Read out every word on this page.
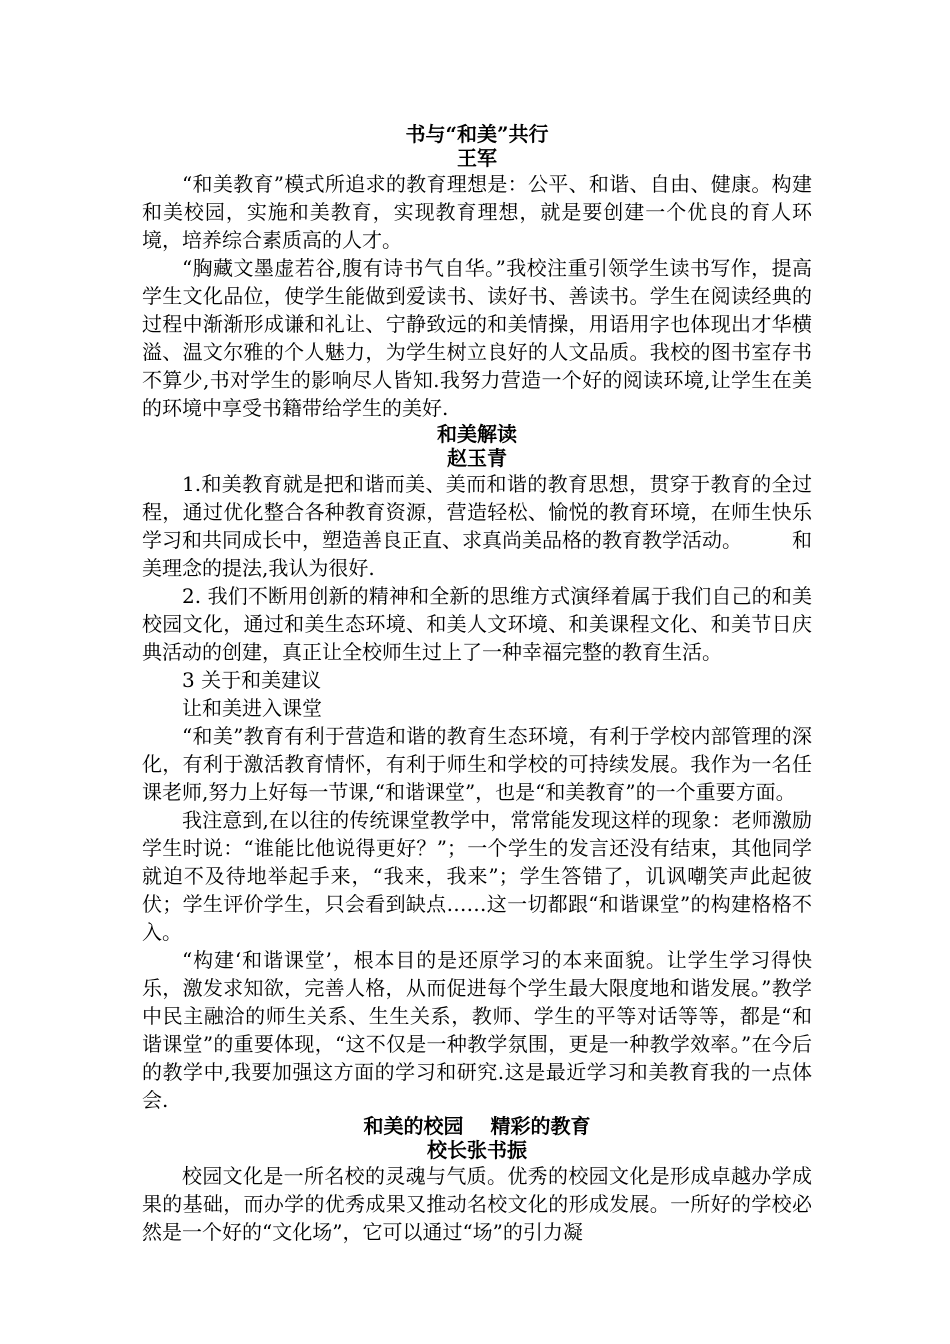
书与“和美”共行
王军

“和美教育”模式所追求的教育理想是：公平、和谐、自由、健康。构建和美校园，实施和美教育，实现教育理想，就是要创建一个优良的育人环境，培养综合素质高的人才。

“胸藏文墨虚若谷,腹有诗书气自华。”我校注重引领学生读书写作，提高学生文化品位，使学生能做到爱读书、读好书、善读书。学生在阅读经典的过程中渐渐形成谦和礼让、宁静致远的和美情操，用语用字也体现出才华横溢、温文尔雅的个人魅力，为学生树立良好的人文品质。我校的图书室存书不算少,书对学生的影响尽人皆知.我努力营造一个好的阅读环境,让学生在美的环境中享受书籍带给学生的美好.

和美解读
赵玉青

1.和美教育就是把和谐而美、美而和谐的教育思想，贯穿于教育的全过程，通过优化整合各种教育资源，营造轻松、愉悦的教育环境，在师生快乐学习和共同成长中，塑造善良正直、求真尚美品格的教育教学活动。	和美理念的提法,我认为很好.

2. 我们不断用创新的精神和全新的思维方式演绎着属于我们自己的和美校园文化，通过和美生态环境、和美人文环境、和美课程文化、和美节日庆典活动的创建，真正让全校师生过上了一种幸福完整的教育生活。

3 关于和美建议

让和美进入课堂

“和美”教育有利于营造和谐的教育生态环境，有利于学校内部管理的深化，有利于激活教育情怀，有利于师生和学校的可持续发展。我作为一名任课老师,努力上好每一节课,“和谐课堂”，也是“和美教育”的一个重要方面。

我注意到,在以往的传统课堂教学中，常常能发现这样的现象：老师激励学生时说：“谁能比他说得更好？”；一个学生的发言还没有结束，其他同学就迫不及待地举起手来，“我来，我来”；学生答错了，讥讽嘲笑声此起彼伏；学生评价学生，只会看到缺点……这一切都跟“和谐课堂”的构建格格不入。

“构建‘和谐课堂’，根本目的是还原学习的本来面貌。让学生学习得快乐，激发求知欲，完善人格，从而促进每个学生最大限度地和谐发展。”教学中民主融洽的师生关系、生生关系，教师、学生的平等对话等等，都是“和谐课堂”的重要体现，“这不仅是一种教学氛围，更是一种教学效率。”在今后的教学中,我要加强这方面的学习和研究.这是最近学习和美教育我的一点体会.

和美的校园　 精彩的教育
校长张书振

校园文化是一所名校的灵魂与气质。优秀的校园文化是形成卓越办学成果的基础，而办学的优秀成果又推动名校文化的形成发展。一所好的学校必然是一个好的“文化场”，它可以通过“场”的引力凝
